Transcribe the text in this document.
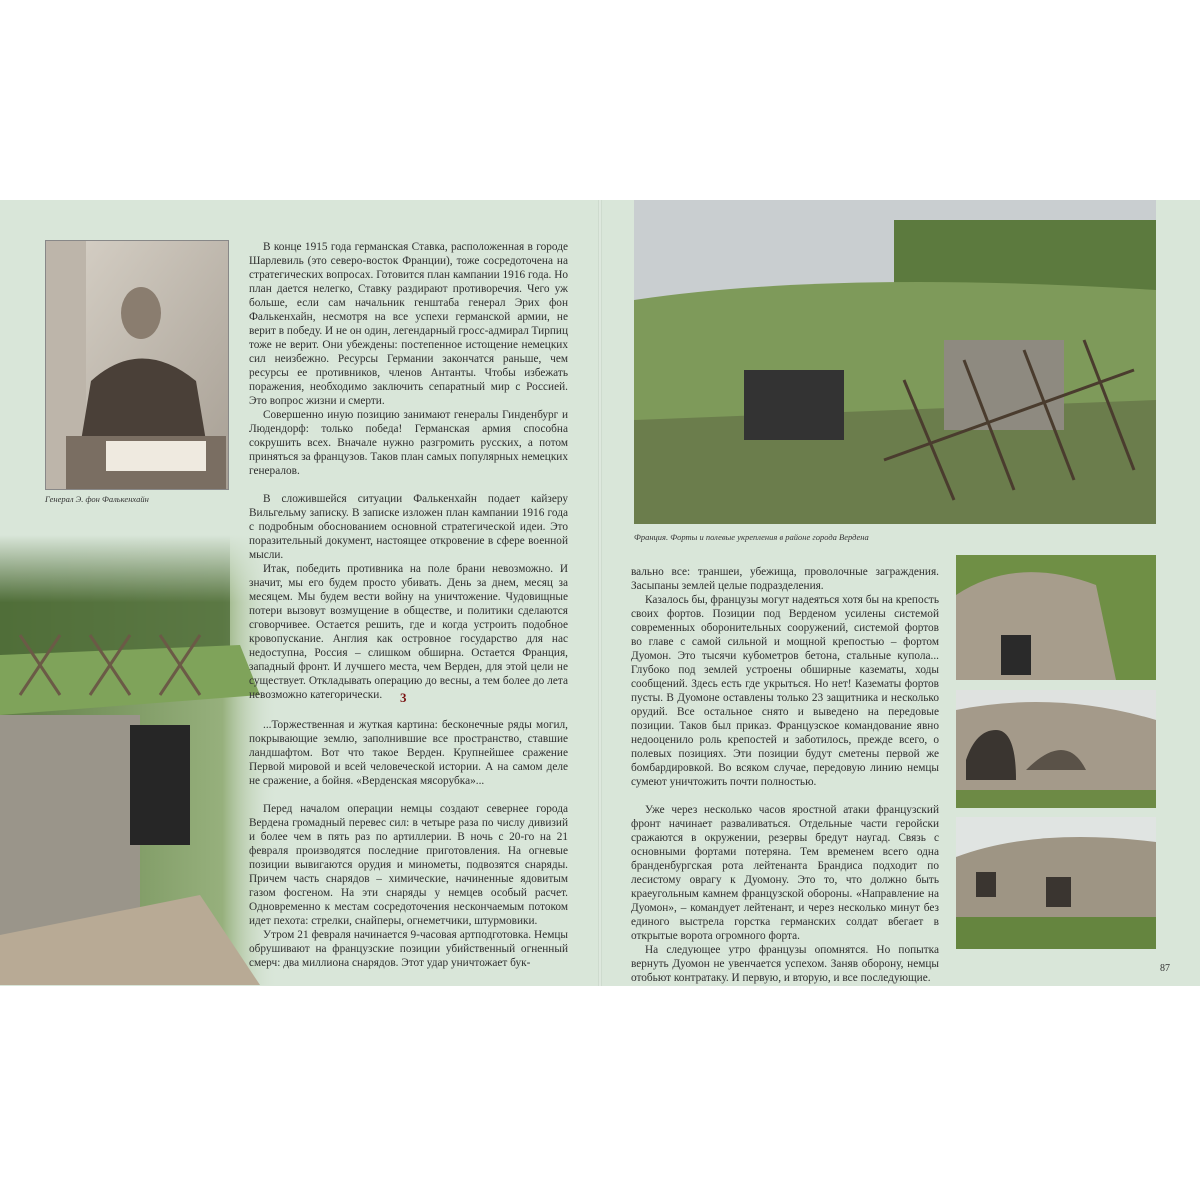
Генерал Э. фон Фалькенхайн

В конце 1915 года германская Ставка, расположенная в городе Шарлевиль (это северо-восток Франции), тоже сосредоточена на стратегических вопросах. Готовится план кампании 1916 года. Но план дается нелегко, Ставку раздирают противоречия. Чего уж больше, если сам начальник генштаба генерал Эрих фон Фалькенхайн, несмотря на все успехи германской армии, не верит в победу. И не он один, легендарный гросс-адмирал Тирпиц тоже не верит. Они убеждены: постепенное истощение немецких сил неизбежно. Ресурсы Германии закончатся раньше, чем ресурсы ее противников, членов Антанты. Чтобы избежать поражения, необходимо заключить сепаратный мир с Россией. Это вопрос жизни и смерти.

Совершенно иную позицию занимают генералы Гинденбург и Людендорф: только победа! Германская армия способна сокрушить всех. Вначале нужно разгромить русских, а потом приняться за французов. Таков план самых популярных немецких генералов.

В сложившейся ситуации Фалькенхайн подает кайзеру Вильгельму записку. В записке изложен план кампании 1916 года с подробным обоснованием основной стратегической идеи. Это поразительный документ, настоящее откровение в сфере военной мысли.

Итак, победить противника на поле брани невозможно. И значит, мы его будем просто убивать. День за днем, месяц за месяцем. Мы будем вести войну на уничтожение. Чудовищные потери вызовут возмущение в обществе, и политики сделаются сговорчивее. Остается решить, где и когда устроить подобное кровопускание. Англия как островное государство для нас недоступна, Россия – слишком обширна. Остается Франция, западный фронт. И лучшего места, чем Верден, для этой цели не существует. Откладывать операцию до весны, а тем более до лета невозможно категорически.	3

...Торжественная и жуткая картина: бесконечные ряды могил, покрывающие землю, заполнившие все пространство, ставшие ландшафтом. Вот что такое Верден. Крупнейшее сражение Первой мировой и всей человеческой истории. А на самом деле не сражение, а бойня. «Верденская мясорубка»...

Перед началом операции немцы создают севернее города Вердена громадный перевес сил: в четыре раза по числу дивизий и более чем в пять раз по артиллерии. В ночь с 20-го на 21 февраля производятся последние приготовления. На огневые позиции вывигаются орудия и минометы, подвозятся снаряды. Причем часть снарядов – химические, начиненные ядовитым газом фосгеном. На эти снаряды у немцев особый расчет. Одновременно к местам сосредоточения нескончаемым потоком идет пехота: стрелки, снайперы, огнеметчики, штурмовики.

Утром 21 февраля начинается 9-часовая артподготовка. Немцы обрушивают на французские позиции убийственный огненный смерч: два миллиона снарядов. Этот удар уничтожает бук-

Франция. Форты и полевые укрепления в районе города Вердена

вально все: траншеи, убежища, проволочные заграждения. Засыпаны землей целые подразделения.

Казалось бы, французы могут надеяться хотя бы на крепость своих фортов. Позиции под Верденом усилены системой современных оборонительных сооружений, системой фортов во главе с самой сильной и мощной крепостью – фортом Дуомон. Это тысячи кубометров бетона, стальные купола... Глубоко под землей устроены обширные казематы, ходы сообщений. Здесь есть где укрыться. Но нет! Казематы фортов пусты. В Дуомоне оставлены только 23 защитника и несколько орудий. Все остальное снято и выведено на передовые позиции. Таков был приказ. Французское командование явно недооценило роль крепостей и заботилось, прежде всего, о полевых позициях. Эти позиции будут сметены первой же бомбардировкой. Во всяком случае, передовую линию немцы сумеют уничтожить почти полностью.

Уже через несколько часов яростной атаки французский фронт начинает разваливаться. Отдельные части геройски сражаются в окружении, резервы бредут наугад. Связь с основными фортами потеряна. Тем временем всего одна бранденбургская рота лейтенанта Брандиса подходит по лесистому оврагу к Дуомону. Это то, что должно быть краеугольным камнем французской обороны. «Направление на Дуомон», – командует лейтенант, и через несколько минут без единого выстрела горстка германских солдат вбегает в открытые ворота огромного форта.

На следующее утро французы опомнятся. Но попытка вернуть Дуомон не увенчается успехом. Заняв оборону, немцы отобьют контратаку. И первую, и вторую, и все последующие.

87
